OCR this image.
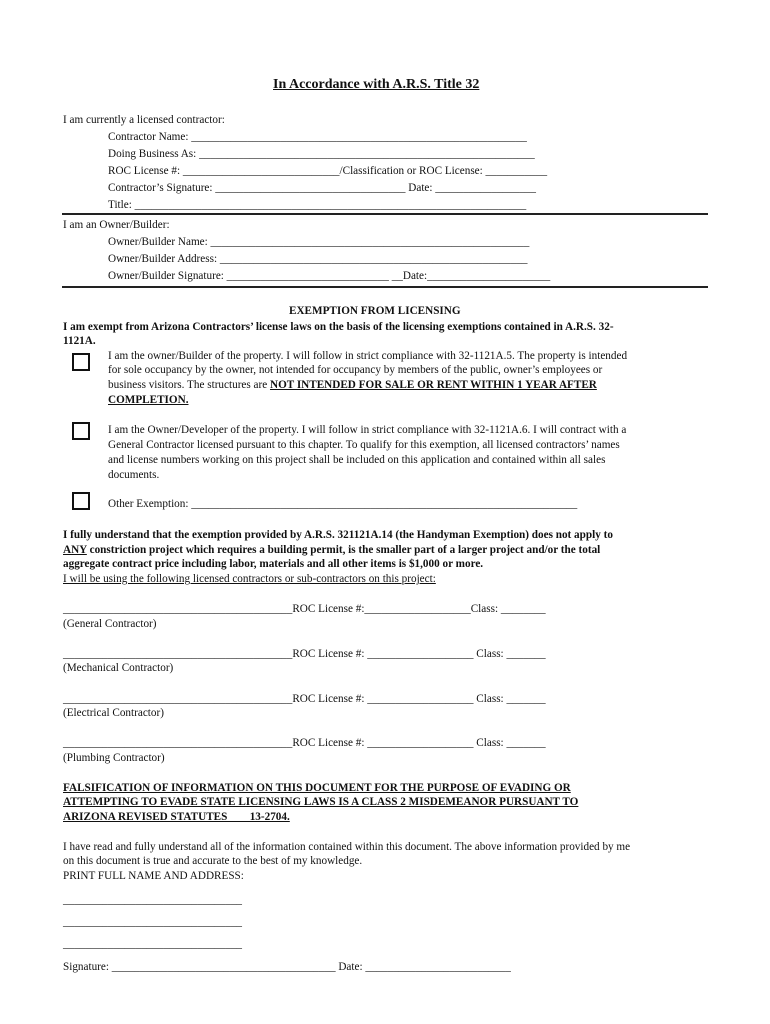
In Accordance with A.R.S. Title 32
I am currently a licensed contractor:
Contractor Name: ____________________________________________________________
Doing Business As: ____________________________________________________________
ROC License #: ____________________________/Classification or ROC License: ___________
Contractor’s Signature: __________________________________ Date: __________________
Title: ______________________________________________________________________
I am an Owner/Builder:
Owner/Builder Name: _________________________________________________________
Owner/Builder Address: _______________________________________________________
Owner/Builder Signature: _____________________________ __Date:______________________
EXEMPTION FROM LICENSING
I am exempt from Arizona Contractors’ license laws on the basis of the licensing exemptions contained in A.R.S. 32-
1121A.
I am the owner/Builder of the property. I will follow in strict compliance with 32-1121A.5. The property is intended
for sole occupancy by the owner, not intended for occupancy by members of the public, owner’s employees or
business visitors. The structures are NOT INTENDED FOR SALE OR RENT WITHIN 1 YEAR AFTER
COMPLETION.
I am the Owner/Developer of the property. I will follow in strict compliance with 32-1121A.6. I will contract with a
General Contractor licensed pursuant to this chapter. To qualify for this exemption, all licensed contractors’ names
and license numbers working on this project shall be included on this application and contained within all sales
documents.
Other Exemption: _____________________________________________________________________
I fully understand that the exemption provided by A.R.S. 321121A.14 (the Handyman Exemption) does not apply to
ANY constriction project which requires a building permit, is the smaller part of a larger project and/or the total
aggregate contract price including labor, materials and all other items is $1,000 or more.
I will be using the following licensed contractors or sub-contractors on this project:
_________________________________________ROC License #:___________________Class: ________
(General Contractor)
_________________________________________ROC License #: ___________________ Class: _______
(Mechanical Contractor)
_________________________________________ROC License #: ___________________ Class: _______
(Electrical Contractor)
_________________________________________ROC License #: ___________________ Class: _______
(Plumbing Contractor)
FALSIFICATION OF INFORMATION ON THIS DOCUMENT FOR THE PURPOSE OF EVADING OR
ATTEMPTING TO EVADE STATE LICENSING LAWS IS A CLASS 2 MISDEMEANOR PURSUANT TO
ARIZONA REVISED STATUTES        13-2704.
I have read and fully understand all of the information contained within this document. The above information provided by me
on this document is true and accurate to the best of my knowledge.
PRINT FULL NAME AND ADDRESS:
________________________________
________________________________
________________________________
Signature: ________________________________________ Date: __________________________
